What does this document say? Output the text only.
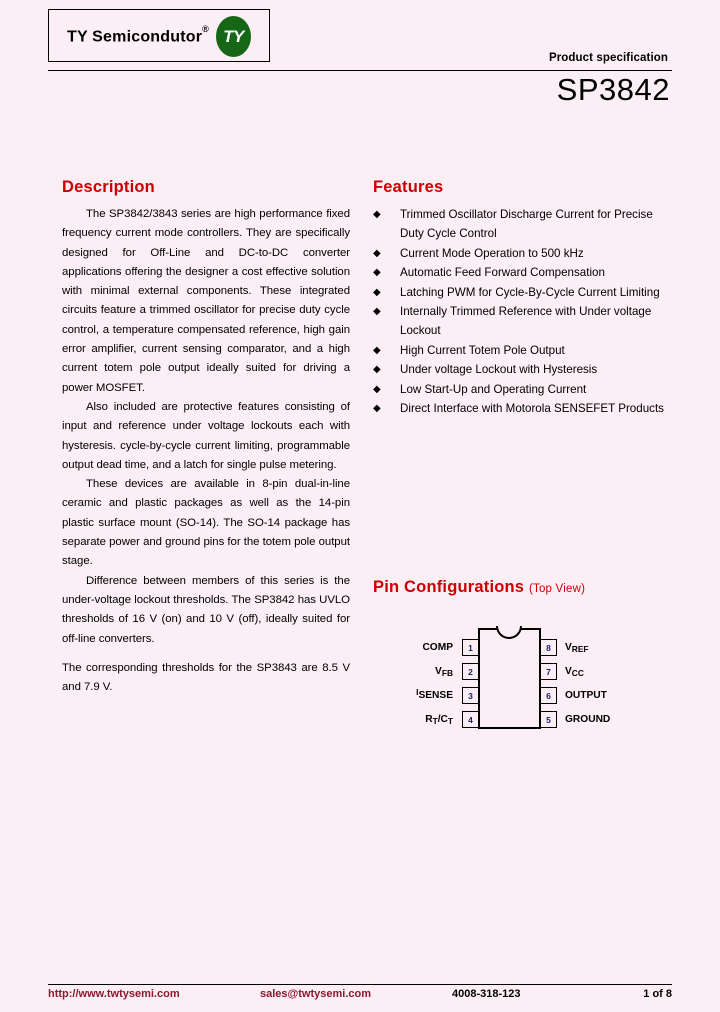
TY Semicondutor® TY
Product specification
SP3842
Description

The SP3842/3843 series are high performance fixed frequency current mode controllers. They are specifically designed for Off-Line and DC-to-DC converter applications offering the designer a cost effective solution with minimal external components. These integrated circuits feature a trimmed oscillator for precise duty cycle control, a temperature compensated reference, high gain error amplifier, current sensing comparator, and a high current totem pole output ideally suited for driving a power MOSFET.

Also included are protective features consisting of input and reference under voltage lockouts each with hysteresis. cycle-by-cycle current limiting, programmable output dead time, and a latch for single pulse metering.

These devices are available in 8-pin dual-in-line ceramic and plastic packages as well as the 14-pin plastic surface mount (SO-14). The SO-14 package has separate power and ground pins for the totem pole output stage.

Difference between members of this series is the under-voltage lockout thresholds. The SP3842 has UVLO thresholds of 16 V (on) and 10 V (off), ideally suited for off-line converters.

The corresponding thresholds for the SP3843 are 8.5 V and 7.9 V.

Features
◆	Trimmed Oscillator Discharge Current for Precise Duty Cycle Control
◆	Current Mode Operation to 500 kHz
◆	Automatic Feed Forward Compensation
◆	Latching PWM for Cycle-By-Cycle Current Limiting
◆	Internally Trimmed Reference with Under voltage Lockout
◆	High Current Totem Pole Output
◆	Under voltage Lockout with Hysteresis
◆	Low Start-Up and Operating Current
◆	Direct Interface with Motorola SENSEFET Products
Pin Configurations (Top View)
1
2
3
4
COMP
$V_{FB}$
$^I$ SENSE
$R_T$ $/C_T$
8
7
6
5
$V_{REF}$
$V_{CC}$
OUTPUT
GROUND
http://www.twtysemi.com	sales@twtysemi.com	4008-318-123	1 of 8
